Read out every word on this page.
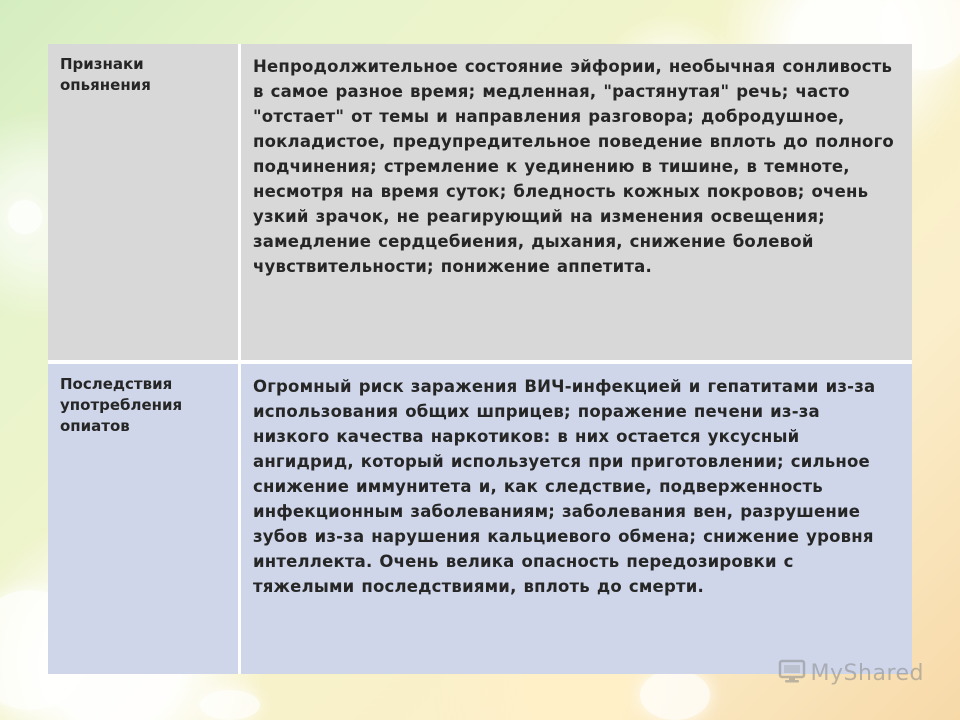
Признаки опьянения	Непродолжительное состояние эйфории, необычная сонливость в самое разное время; медленная, "растянутая" речь; часто "отстает" от темы и направления разговора; добродушное, покладистое, предупредительное поведение вплоть до полного подчинения; стремление к уединению в тишине, в темноте, несмотря на время суток; бледность кожных покровов; очень узкий зрачок, не реагирующий на изменения освещения; замедление сердцебиения, дыхания, снижение болевой чувствительности; понижение аппетита.
Последствия употребления опиатов	Огромный риск заражения ВИЧ-инфекцией и гепатитами из-за использования общих шприцев; поражение печени из-за низкого качества наркотиков: в них остается уксусный ангидрид, который используется при приготовлении; сильное снижение иммунитета и, как следствие, подверженность инфекционным заболеваниям; заболевания вен, разрушение зубов из-за нарушения кальциевого обмена; снижение уровня интеллекта. Очень велика опасность передозировки с тяжелыми последствиями, вплоть до смерти.
MyShared
